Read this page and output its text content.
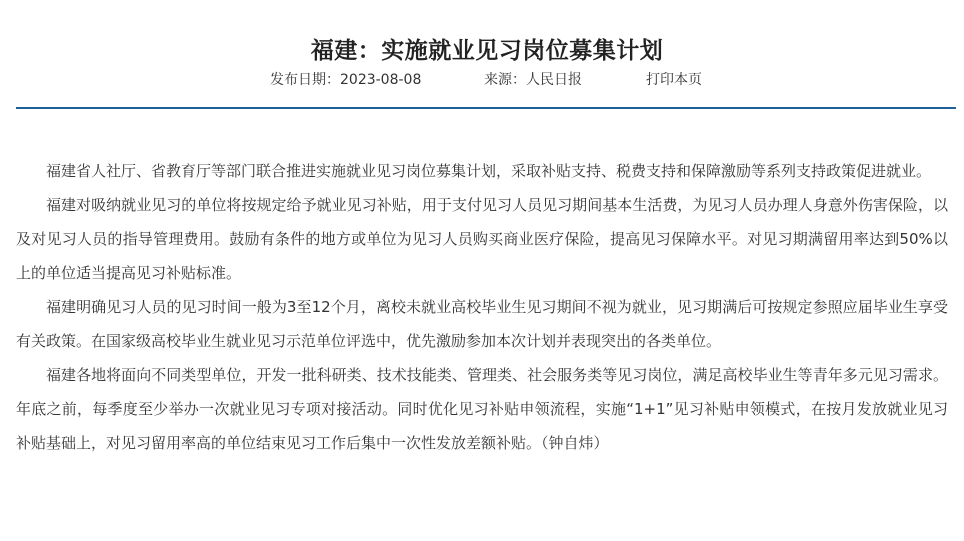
福建：实施就业见习岗位募集计划
发布日期：2023-08-08	来源：人民日报	打印本页

福建省人社厅、省教育厅等部门联合推进实施就业见习岗位募集计划，采取补贴支持、税费支持和保障激励等系列支持政策促进就业。

福建对吸纳就业见习的单位将按规定给予就业见习补贴，用于支付见习人员见习期间基本生活费，为见习人员办理人身意外伤害保险，以及对见习人员的指导管理费用。鼓励有条件的地方或单位为见习人员购买商业医疗保险，提高见习保障水平。对见习期满留用率达到50%以上的单位适当提高见习补贴标准。

福建明确见习人员的见习时间一般为3至12个月，离校未就业高校毕业生见习期间不视为就业，见习期满后可按规定参照应届毕业生享受有关政策。在国家级高校毕业生就业见习示范单位评选中，优先激励参加本次计划并表现突出的各类单位。

福建各地将面向不同类型单位，开发一批科研类、技术技能类、管理类、社会服务类等见习岗位，满足高校毕业生等青年多元见习需求。年底之前，每季度至少举办一次就业见习专项对接活动。同时优化见习补贴申领流程，实施“1+1”见习补贴申领模式，在按月发放就业见习补贴基础上，对见习留用率高的单位结束见习工作后集中一次性发放差额补贴。（钟自炜）
